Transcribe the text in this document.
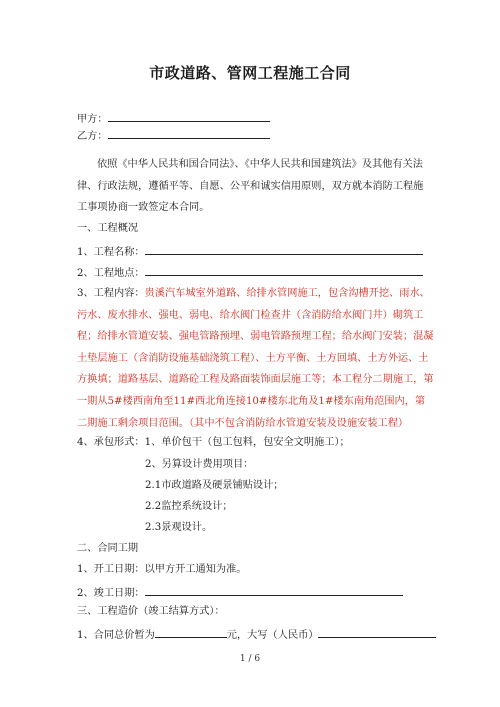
市政道路、管网工程施工合同
甲方：
乙方：

依照《中华人民共和国合同法》、《中华人民共和国建筑法》及其他有关法律、行政法规，遵循平等、自愿、公平和诚实信用原则，双方就本消防工程施工事项协商一致签定本合同。

一、工程概况
1、工程名称：
2、工程地点：

3、工程内容：贵溪汽车城室外道路、给排水管网施工，包含沟槽开挖、雨水、污水、废水排水、强电、弱电、给水阀门检查井（含消防给水阀门井）砌筑工程；给排水管道安装、强电管路预埋、弱电管路预埋工程；给水阀门安装；混凝土垫层施工（含消防设施基础浇筑工程）、土方平衡、土方回填、土方外运、土方换填；道路基层、道路砼工程及路面装饰面层施工等；本工程分二期施工，第一期从5#楼西南角至11#西北角连接10#楼东北角及1#楼东南角范围内，第二期施工剩余项目范围。（其中不包含消防给水管道安装及设施安装工程）

4、承包形式：1、单价包干（包工包料，包安全文明施工）；
2、另算设计费用项目：
2.1市政道路及硬景铺贴设计；
2.2监控系统设计；
2.3景观设计。
二、合同工期
1、开工日期：以甲方开工通知为准。
2、竣工日期：
三、工程造价（竣工结算方式）：
1、合同总价暂为	元，大写（人民币）
1 / 6
